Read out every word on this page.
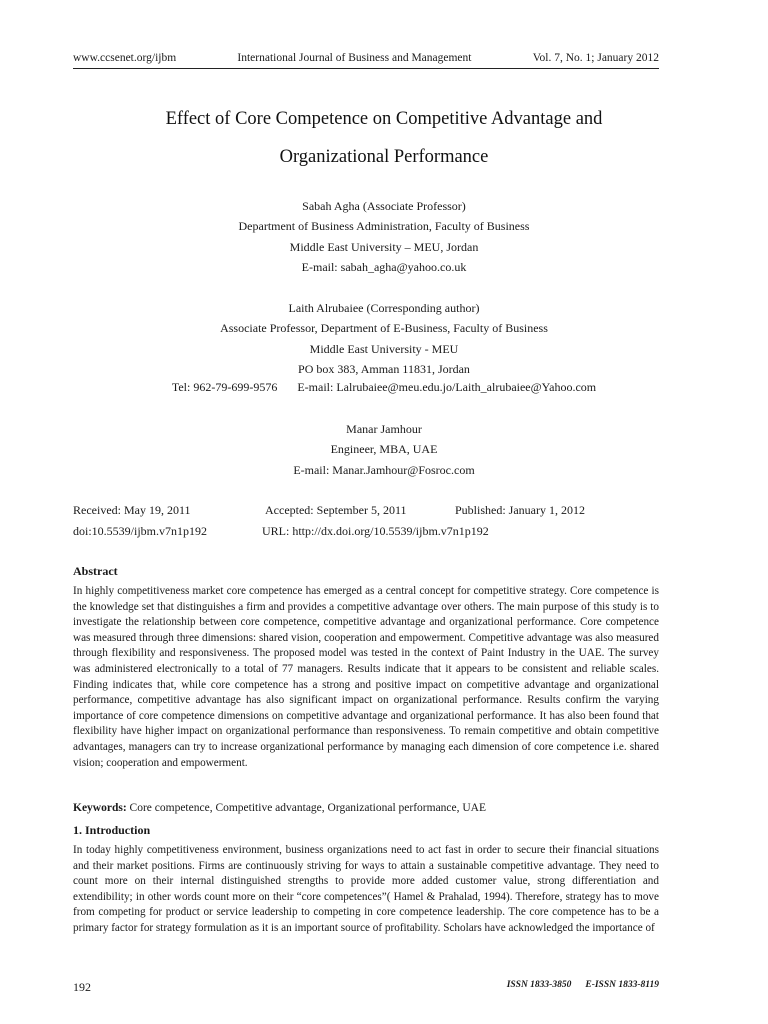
www.ccsenet.org/ijbm	International Journal of Business and Management	Vol. 7, No. 1; January 2012
Effect of Core Competence on Competitive Advantage and
Organizational Performance
Sabah Agha (Associate Professor)
Department of Business Administration, Faculty of Business
Middle East University – MEU, Jordan
E-mail: sabah_agha@yahoo.co.uk
Laith Alrubaiee (Corresponding author)
Associate Professor, Department of E-Business, Faculty of Business
Middle East University - MEU
PO box 383, Amman 11831, Jordan
Tel: 962-79-699-9576 E-mail: Lalrubaiee@meu.edu.jo/Laith_alrubaiee@Yahoo.com
Manar Jamhour
Engineer, MBA, UAE
E-mail: Manar.Jamhour@Fosroc.com
Received: May 19, 2011	Accepted: September 5, 2011	Published: January 1, 2012
doi:10.5539/ijbm.v7n1p192	URL: http://dx.doi.org/10.5539/ijbm.v7n1p192
Abstract

In highly competitiveness market core competence has emerged as a central concept for competitive strategy. Core competence is the knowledge set that distinguishes a firm and provides a competitive advantage over others. The main purpose of this study is to investigate the relationship between core competence, competitive advantage and organizational performance. Core competence was measured through three dimensions: shared vision, cooperation and empowerment. Competitive advantage was also measured through flexibility and responsiveness. The proposed model was tested in the context of Paint Industry in the UAE. The survey was administered electronically to a total of 77 managers. Results indicate that it appears to be consistent and reliable scales. Finding indicates that, while core competence has a strong and positive impact on competitive advantage and organizational performance, competitive advantage has also significant impact on organizational performance. Results confirm the varying importance of core competence dimensions on competitive advantage and organizational performance. It has also been found that flexibility have higher impact on organizational performance than responsiveness. To remain competitive and obtain competitive advantages, managers can try to increase organizational performance by managing each dimension of core competence i.e. shared vision; cooperation and empowerment.

Keywords: Core competence, Competitive advantage, Organizational performance, UAE
1. Introduction

In today highly competitiveness environment, business organizations need to act fast in order to secure their financial situations and their market positions. Firms are continuously striving for ways to attain a sustainable competitive advantage. They need to count more on their internal distinguished strengths to provide more added customer value, strong differentiation and extendibility; in other words count more on their “core competences”( Hamel & Prahalad, 1994). Therefore, strategy has to move from competing for product or service leadership to competing in core competence leadership. The core competence has to be a primary factor for strategy formulation as it is an important source of profitability. Scholars have acknowledged the importance of

192	ISSN 1833-3850 E-ISSN 1833-8119
